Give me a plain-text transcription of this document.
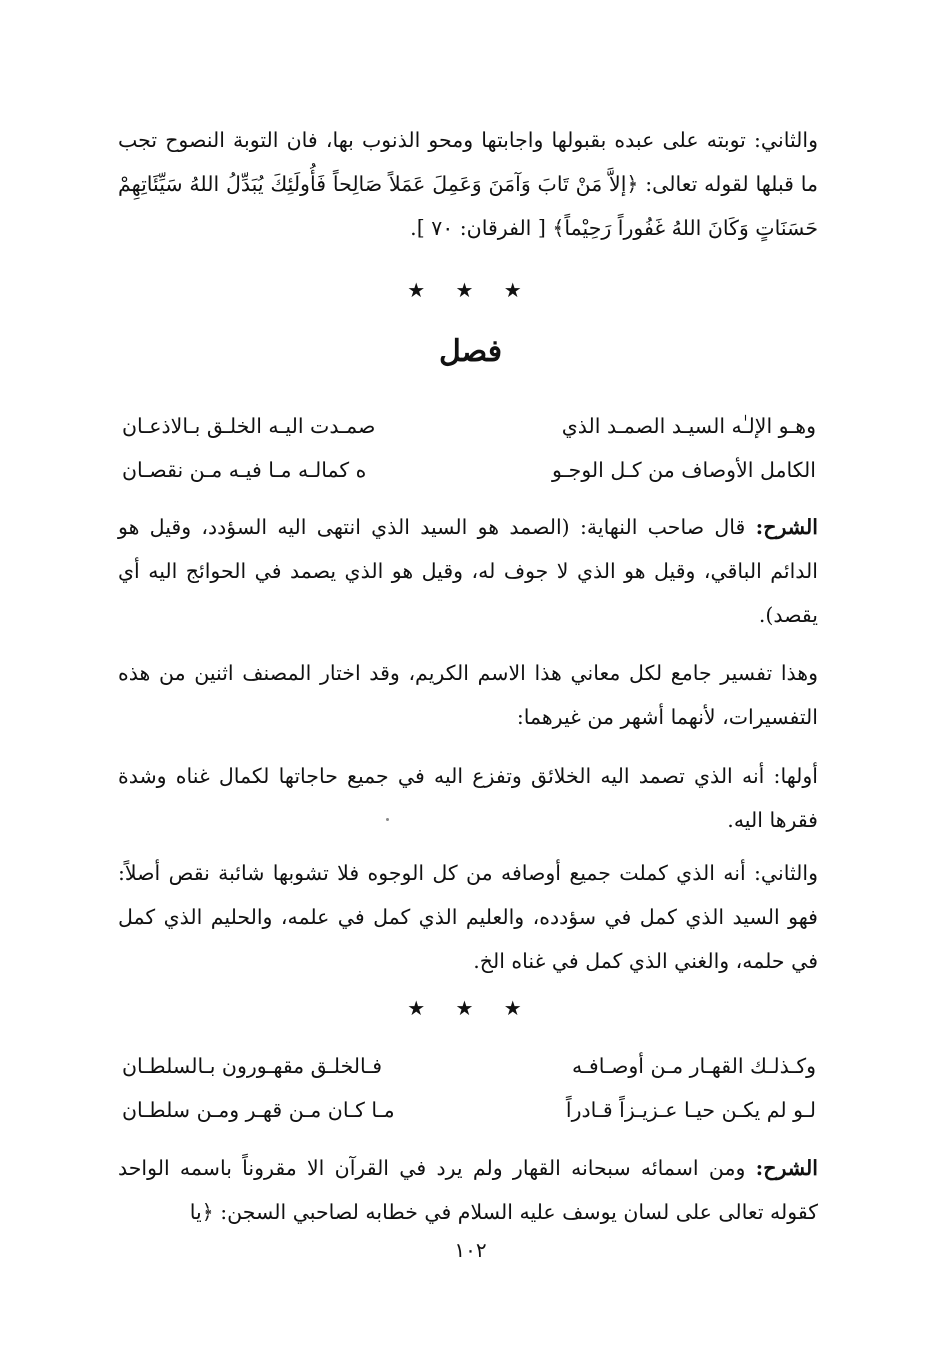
والثاني: توبته على عبده بقبولها واجابتها ومحو الذنوب بها، فان التوبة النصوح تجب ما قبلها لقوله تعالى: ﴿إلاَّ مَنْ تَابَ وَآمَنَ وَعَمِلَ عَمَلاً صَالِحاً فَأُولَئِكَ يُبَدِّلُ اللهُ سَيِّئَاتِهِمْ حَسَنَاتٍ وَكَانَ اللهُ غَفُوراً رَحِيْماً﴾ [ الفرقان: ٧٠ ].

★ ★ ★
فصل
وهـو الإلـٰه السيـد الصمـد الذي
صمـدت اليـه الخلـق بـالاذعـان
الكامل الأوصاف من كـل الوجـو
ه كمالـه مـا فيـه مـن نقصـان

الشرح: قال صاحب النهاية: (الصمد هو السيد الذي انتهى اليه السؤدد، وقيل هو الدائم الباقي، وقيل هو الذي لا جوف له، وقيل هو الذي يصمد في الحوائج اليه أي يقصد).

وهذا تفسير جامع لكل معاني هذا الاسم الكريم، وقد اختار المصنف اثنين من هذه التفسيرات، لأنهما أشهر من غيرهما:

أولها: أنه الذي تصمد اليه الخلائق وتفزع اليه في جميع حاجاتها لكمال غناه وشدة فقرها اليه.

والثاني: أنه الذي كملت جميع أوصافه من كل الوجوه فلا تشوبها شائبة نقص أصلاً: فهو السيد الذي كمل في سؤدده، والعليم الذي كمل في علمه، والحليم الذي كمل في حلمه، والغني الذي كمل في غناه الخ.

★ ★ ★
وكـذلـك القهـار مـن أوصـافـه
فـالخلـق مقهـورون بـالسلطـان
لـو لم يكـن حيـا عـزيـزاً قـادراً
مـا كـان مـن قهـر ومـن سلطـان

الشرح: ومن اسمائه سبحانه القهار ولم يرد في القرآن الا مقروناً باسمه الواحد كقوله تعالى على لسان يوسف عليه السلام في خطابه لصاحبي السجن: ﴿يا

١٠٢
